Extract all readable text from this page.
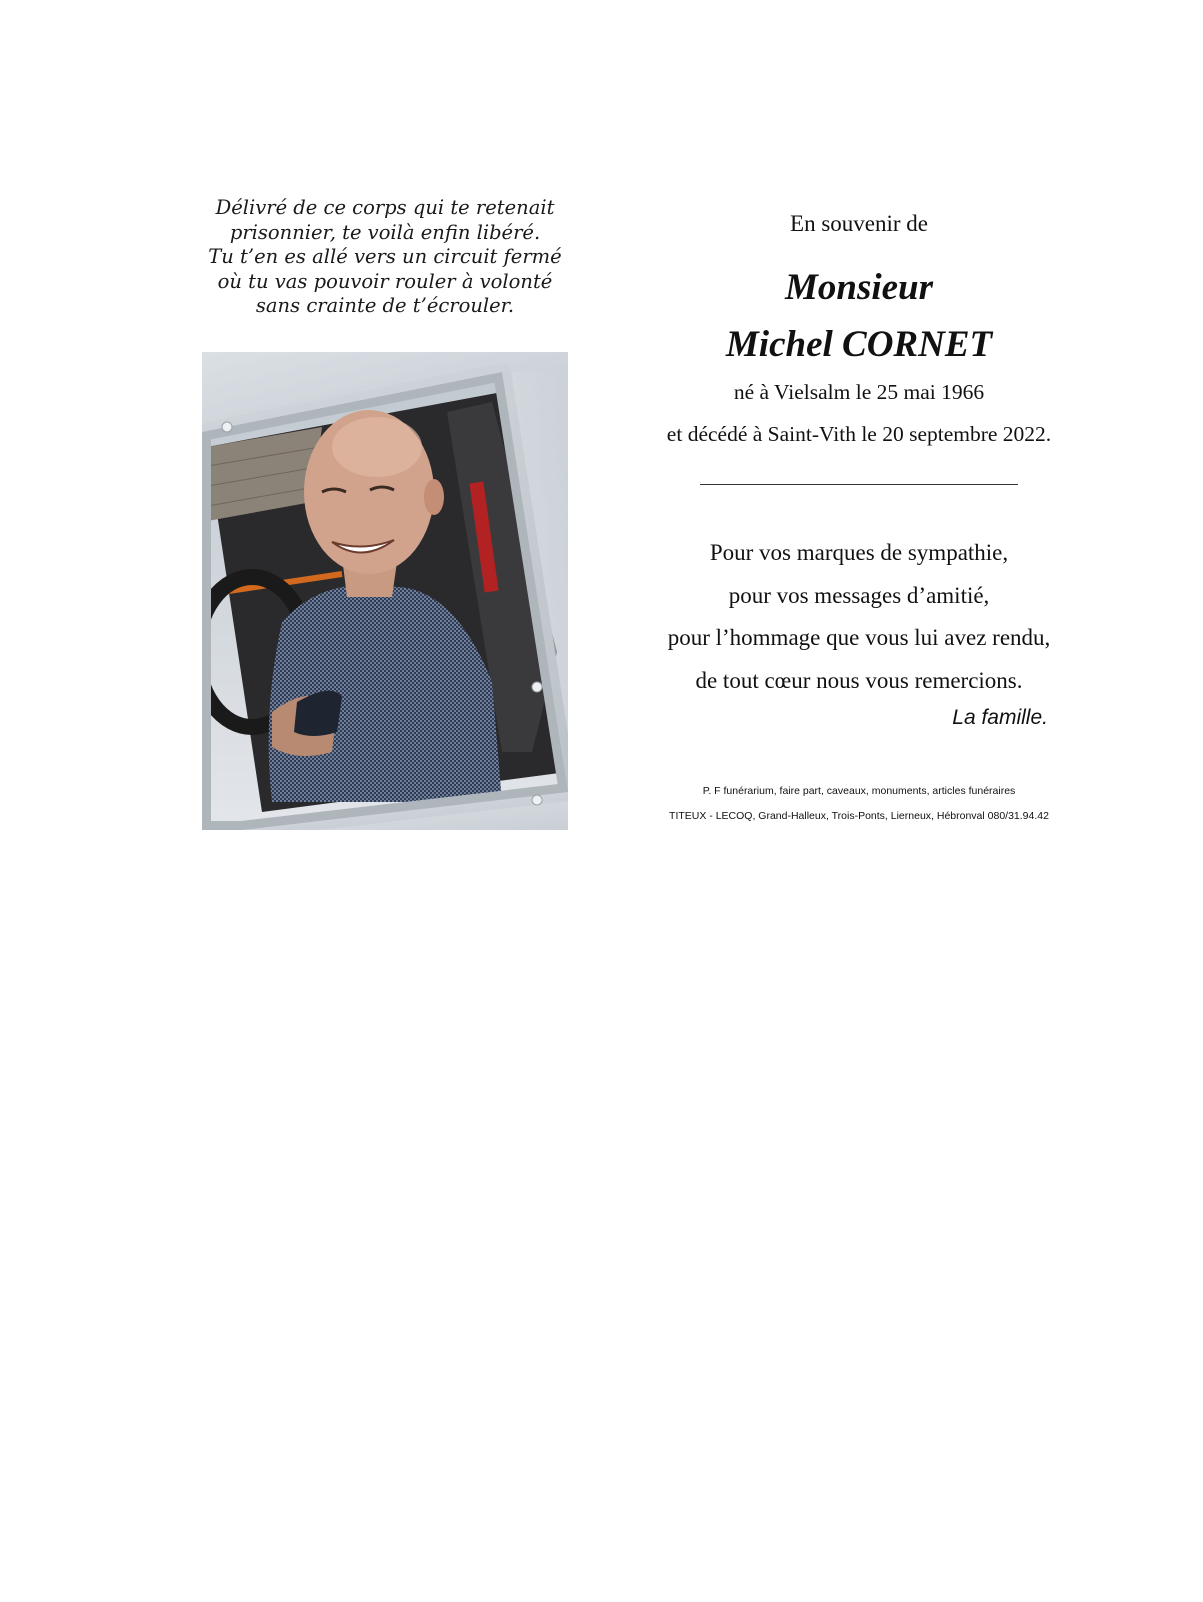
Délivré de ce corps qui te retenait
prisonnier, te voilà enfin libéré.
Tu t’en es allé vers un circuit fermé
où tu vas pouvoir rouler à volonté
sans crainte de t’écrouler.
En souvenir de
Monsieur
Michel CORNET
né à Vielsalm le 25 mai 1966
et décédé à Saint-Vith le 20 septembre 2022.
Pour vos marques de sympathie,
pour vos messages d’amitié,
pour l’hommage que vous lui avez rendu,
de tout cœur nous vous remercions.
La famille.
P. F funérarium, faire part, caveaux, monuments, articles funéraires
TITEUX - LECOQ, Grand-Halleux, Trois-Ponts, Lierneux, Hébronval 080/31.94.42
